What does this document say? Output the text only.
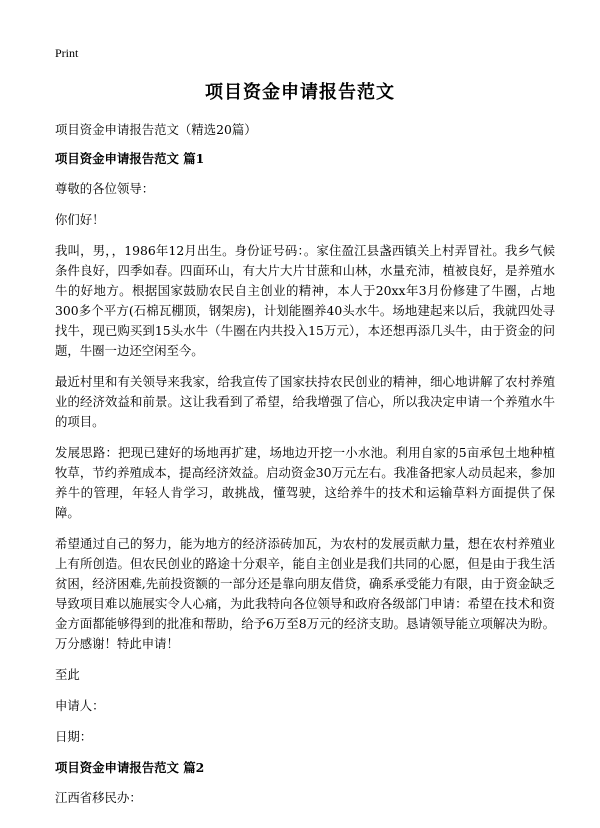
Print
项目资金申请报告范文

项目资金申请报告范文（精选20篇）

项目资金申请报告范文 篇1

尊敬的各位领导：

你们好！

我叫，男，，1986年12月出生。身份证号码：。家住盈江县盏西镇关上村弄冒社。我乡气候条件良好，四季如春。四面环山，有大片大片甘蔗和山林，水量充沛，植被良好，是养殖水牛的好地方。根据国家鼓励农民自主创业的精神，本人于20xx年3月份修建了牛圈，占地300多个平方(石棉瓦棚顶，钢架房)，计划能圈养40头水牛。场地建起来以后，我就四处寻找牛，现已购买到15头水牛（牛圈在内共投入15万元），本还想再添几头牛，由于资金的问题，牛圈一边还空闲至今。

最近村里和有关领导来我家，给我宣传了国家扶持农民创业的精神，细心地讲解了农村养殖业的经济效益和前景。这让我看到了希望，给我增强了信心，所以我决定申请一个养殖水牛的项目。

发展思路：把现已建好的场地再扩建，场地边开挖一小水池。利用自家的5亩承包土地种植牧草，节约养殖成本，提高经济效益。启动资金30万元左右。我准备把家人动员起来，参加养牛的管理，年轻人肯学习，敢挑战，懂驾驶，这给养牛的技术和运输草料方面提供了保障。

希望通过自己的努力，能为地方的经济添砖加瓦，为农村的发展贡献力量，想在农村养殖业上有所创造。但农民创业的路途十分艰辛，能自主创业是我们共同的心愿，但是由于我生活贫困，经济困难,先前投资额的一部分还是靠向朋友借贷，确系承受能力有限，由于资金缺乏导致项目难以施展实令人心痛，为此我特向各位领导和政府各级部门申请：希望在技术和资金方面都能够得到的批准和帮助，给予6万至8万元的经济支助。恳请领导能立项解决为盼。万分感谢！特此申请！

至此

申请人：

日期：

项目资金申请报告范文 篇2

江西省移民办：
